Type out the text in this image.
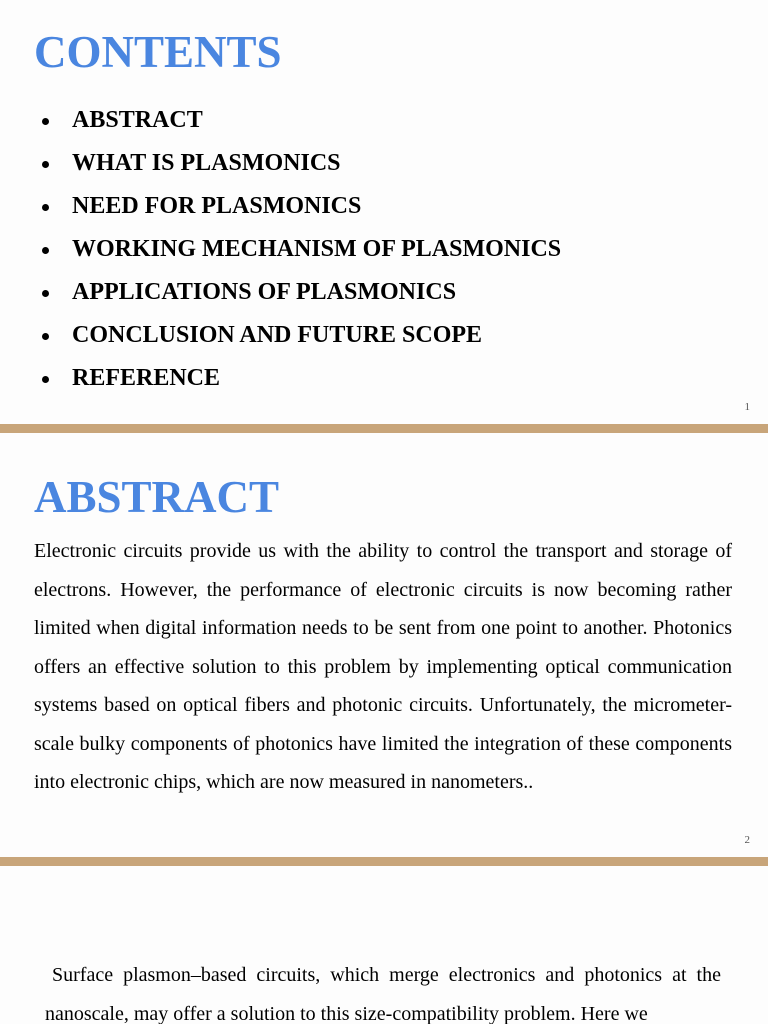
CONTENTS
ABSTRACT
WHAT IS PLASMONICS
NEED FOR PLASMONICS
WORKING MECHANISM OF PLASMONICS
APPLICATIONS OF PLASMONICS
CONCLUSION AND FUTURE SCOPE
REFERENCE
1
ABSTRACT

Electronic circuits provide us with the ability to control the transport and storage of electrons. However, the performance of electronic circuits is now becoming rather limited when digital information needs to be sent from one point to another. Photonics offers an effective solution to this problem by implementing optical communication systems based on optical fibers and photonic circuits. Unfortunately, the micrometer-scale bulky components of photonics have limited the integration of these components into electronic chips, which are now measured in nanometers..

2

Surface plasmon–based circuits, which merge electronics and photonics at the nanoscale, may offer a solution to this size-compatibility problem. Here we
